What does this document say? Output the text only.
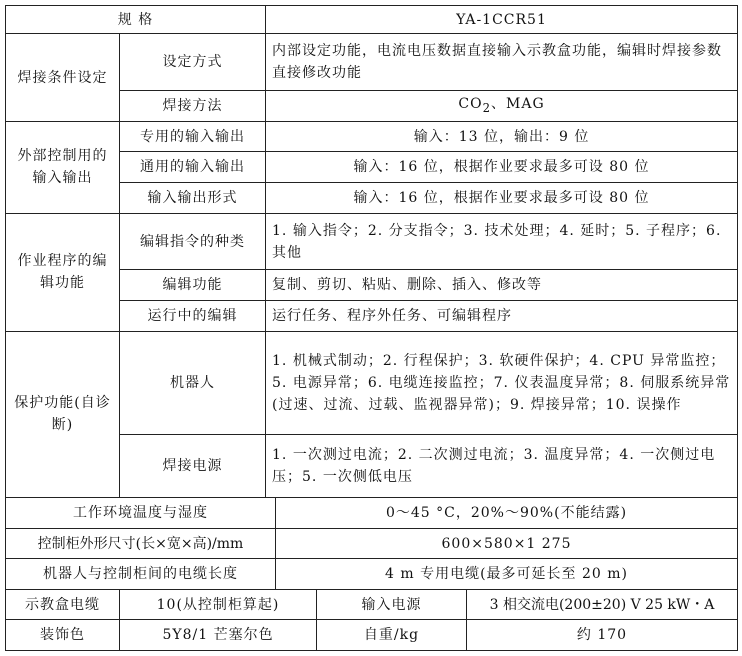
规 格		YA-1CCR51			
焊接条件设定	设定方式	内部设定功能，电流电压数据直接输入示教盒功能，编辑时焊接参数直接修改功能			
	焊接方法	$CO_2$、MAG			
外部控制用的输入输出	专用的输入输出	输入：13 位，输出：9 位			
	通用的输入输出	输入：16 位，根据作业要求最多可设 80 位			
	输入输出形式	输入：16 位，根据作业要求最多可设 80 位			
作业程序的编辑功能	编辑指令的种类	1. 输入指令；2. 分支指令；3. 技术处理；4. 延时；5. 子程序；6. 其他			
	编辑功能	复制、剪切、粘贴、删除、插入、修改等			
	运行中的编辑	运行任务、程序外任务、可编辑程序			
保护功能(自诊断)	机器人	1. 机械式制动；2. 行程保护；3. 软硬件保护；4. CPU 异常监控；5. 电源异常；6. 电缆连接监控；7. 仪表温度异常；8. 伺服系统异常(过速、过流、过载、监视器异常)；9. 焊接异常；10. 误操作			
	焊接电源	1. 一次测过电流；2. 二次测过电流；3. 温度异常；4. 一次侧过电压；5. 一次侧低电压			
工作环境温度与湿度			0～45 °C，20%～90%(不能结露)		
控制柜外形尺寸(长×宽×高)/mm			600×580×1 275		
机器人与控制柜间的电缆长度			4 m 专用电缆(最多可延长至 20 m)		
示教盒电缆	10(从控制柜算起)			输入电源	3 相交流电(200±20) V 25 kW・A
装饰色	5Y8/1 芒塞尔色			自重/kg	约 170
